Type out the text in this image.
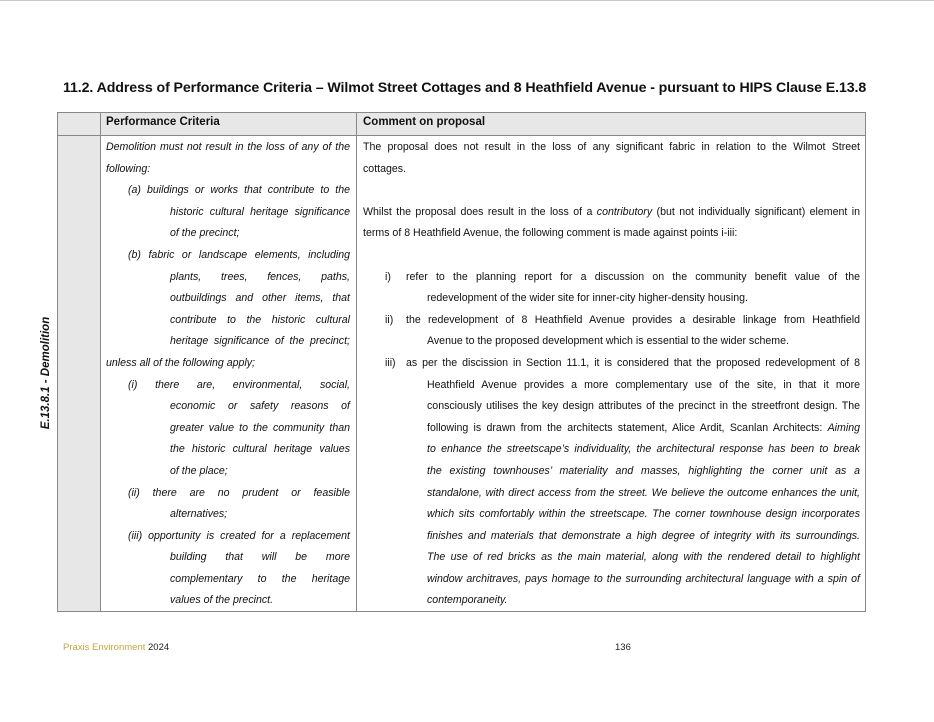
11.2. Address of Performance Criteria – Wilmot Street Cottages and 8 Heathfield Avenue - pursuant to HIPS Clause E.13.8
Performance Criteria	Comment on proposal
E.13.8.1 - Demolition
Demolition must not result in the loss of any of the
following:
(a) buildings or works that contribute to the
historic cultural heritage significance
of the precinct;
(b) fabric or landscape elements, including
plants, trees, fences, paths,
outbuildings and other items, that
contribute to the historic cultural
heritage significance of the precinct;
unless all of the following apply;
(i) there are, environmental, social,
economic or safety reasons of
greater value to the community than
the historic cultural heritage values
of the place;
(ii) there are no prudent or feasible
alternatives;
(iii) opportunity is created for a replacement
building that will be more
complementary to the heritage
values of the precinct.
The proposal does not result in the loss of any significant fabric in relation to the Wilmot Street
cottages.

Whilst the proposal does result in the loss of a contributory (but not individually significant) element in
terms of 8 Heathfield Avenue, the following comment is made against points i-iii:

i) refer to the planning report for a discussion on the community benefit value of the
redevelopment of the wider site for inner-city higher-density housing.
ii) the redevelopment of 8 Heathfield Avenue provides a desirable linkage from Heathfield
Avenue to the proposed development which is essential to the wider scheme.
iii) as per the discission in Section 11.1, it is considered that the proposed redevelopment of 8
Heathfield Avenue provides a more complementary use of the site, in that it more
consciously utilises the key design attributes of the precinct in the streetfront design. The
following is drawn from the architects statement, Alice Ardit, Scanlan Architects: Aiming
to enhance the streetscape’s individuality, the architectural response has been to break
the existing townhouses’ materiality and masses, highlighting the corner unit as a
standalone, with direct access from the street. We believe the outcome enhances the unit,
which sits comfortably within the streetscape. The corner townhouse design incorporates
finishes and materials that demonstrate a high degree of integrity with its surroundings.
The use of red bricks as the main material, along with the rendered detail to highlight
window architraves, pays homage to the surrounding architectural language with a spin of
contemporaneity.
Praxis Environment 2024	136
